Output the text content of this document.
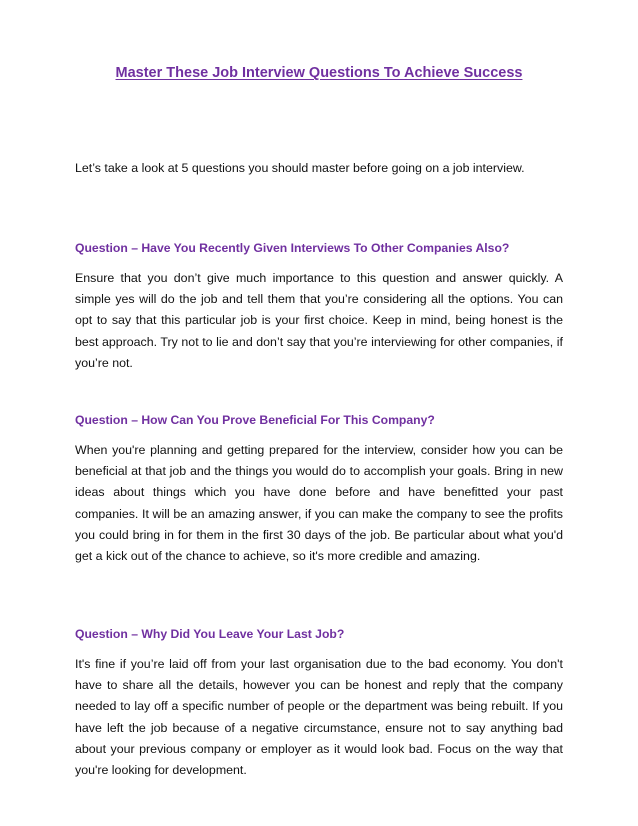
Master These Job Interview Questions To Achieve Success

Let’s take a look at 5 questions you should master before going on a job interview.

Question – Have You Recently Given Interviews To Other Companies Also?

Ensure that you don’t give much importance to this question and answer quickly. A simple yes will do the job and tell them that you’re considering all the options. You can opt to say that this particular job is your first choice. Keep in mind, being honest is the best approach. Try not to lie and don’t say that you’re interviewing for other companies, if you’re not.

Question – How Can You Prove Beneficial For This Company?

When you're planning and getting prepared for the interview, consider how you can be beneficial at that job and the things you would do to accomplish your goals. Bring in new ideas about things which you have done before and have benefitted your past companies. It will be an amazing answer, if you can make the company to see the profits you could bring in for them in the first 30 days of the job. Be particular about what you'd get a kick out of the chance to achieve, so it's more credible and amazing.

Question – Why Did You Leave Your Last Job?

It's fine if you’re laid off from your last organisation due to the bad economy. You don't have to share all the details, however you can be honest and reply that the company needed to lay off a specific number of people or the department was being rebuilt. If you have left the job because of a negative circumstance, ensure not to say anything bad about your previous company or employer as it would look bad. Focus on the way that you're looking for development.
